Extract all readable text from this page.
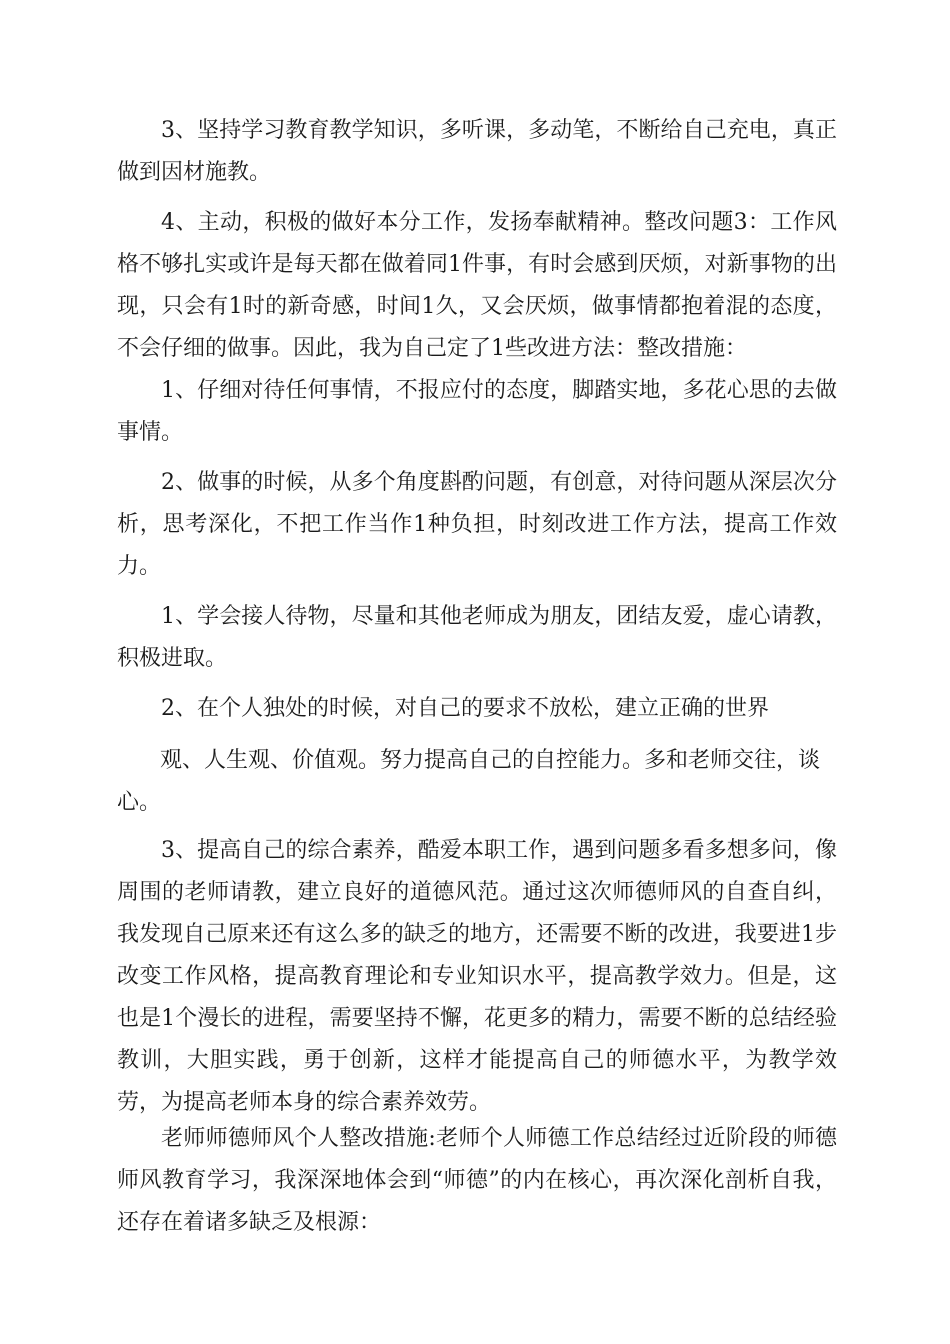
3、坚持学习教育教学知识，多听课，多动笔，不断给自己充电，真正做到因材施教。

4、主动，积极的做好本分工作，发扬奉献精神。整改问题3：工作风格不够扎实或许是每天都在做着同1件事，有时会感到厌烦，对新事物的出现，只会有1时的新奇感，时间1久，又会厌烦，做事情都抱着混的态度，不会仔细的做事。因此，我为自己定了1些改进方法：整改措施：

1、仔细对待任何事情，不报应付的态度，脚踏实地，多花心思的去做事情。

2、做事的时候，从多个角度斟酌问题，有创意，对待问题从深层次分析，思考深化，不把工作当作1种负担，时刻改进工作方法，提高工作效力。

1、学会接人待物，尽量和其他老师成为朋友，团结友爱，虚心请教，积极进取。

2、在个人独处的时候，对自己的要求不放松，建立正确的世界

观、人生观、价值观。努力提高自己的自控能力。多和老师交往，谈

心。

3、提高自己的综合素养，酷爱本职工作，遇到问题多看多想多问，像周围的老师请教，建立良好的道德风范。通过这次师德师风的自查自纠，我发现自己原来还有这么多的缺乏的地方，还需要不断的改进，我要进1步改变工作风格，提高教育理论和专业知识水平，提高教学效力。但是，这也是1个漫长的进程，需要坚持不懈，花更多的精力，需要不断的总结经验教训，大胆实践，勇于创新，这样才能提高自己的师德水平，为教学效劳，为提高老师本身的综合素养效劳。

老师师德师风个人整改措施:老师个人师德工作总结经过近阶段的师德师风教育学习，我深深地体会到“师德”的内在核心，再次深化剖析自我，还存在着诸多缺乏及根源：
